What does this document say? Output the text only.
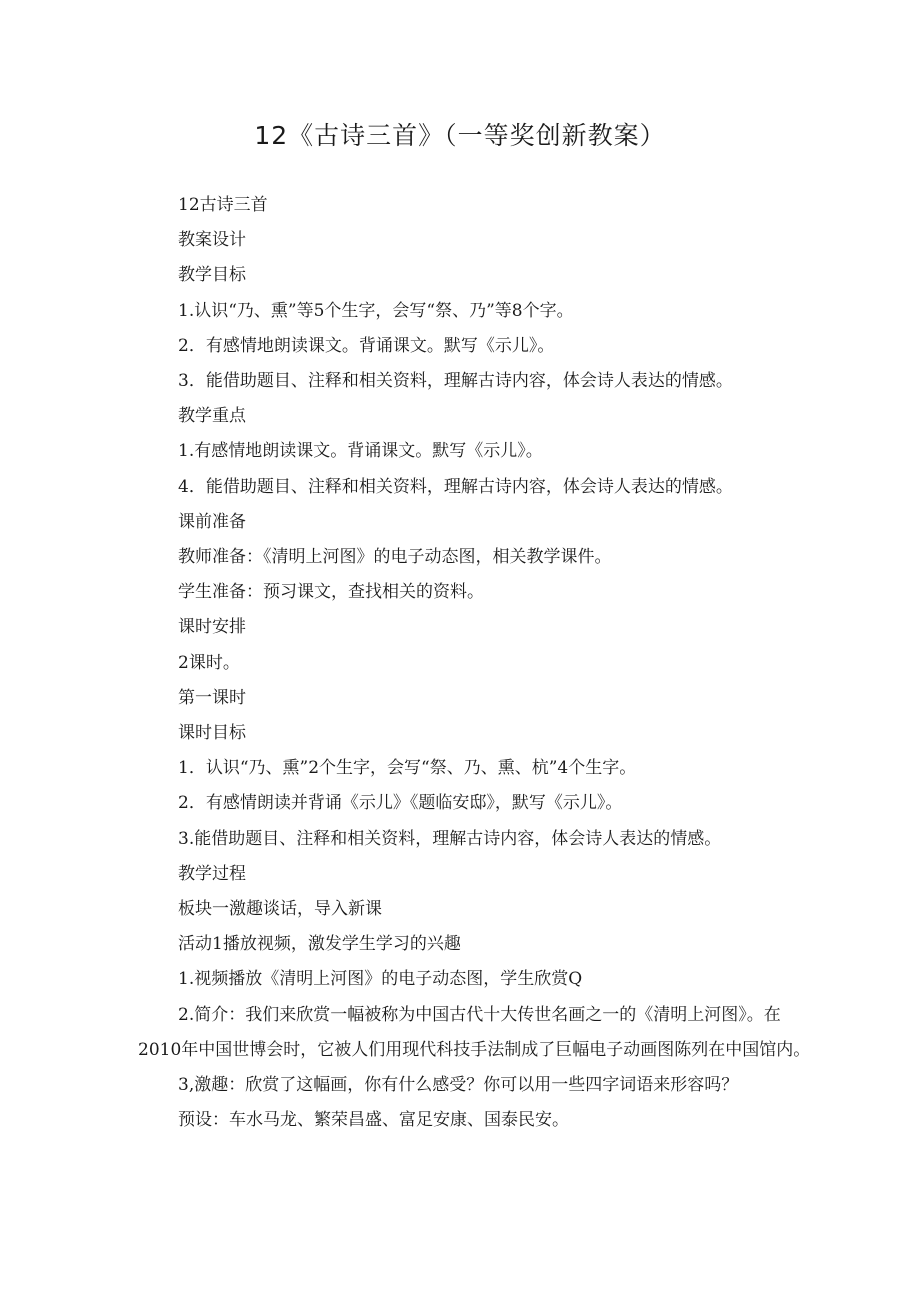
12《古诗三首》（一等奖创新教案）

12古诗三首

教案设计

教学目标

1.认识“乃、熏”等5个生字，会写“祭、乃”等8个字。

2．有感情地朗读课文。背诵课文。默写《示儿》。

3．能借助题目、注释和相关资料，理解古诗内容，体会诗人表达的情感。

教学重点

1.有感情地朗读课文。背诵课文。默写《示儿》。

4．能借助题目、注释和相关资料，理解古诗内容，体会诗人表达的情感。

课前准备

教师准备：《清明上河图》的电子动态图，相关教学课件。

学生准备：预习课文，查找相关的资料。

课时安排

2课时。

第一课时

课时目标

1．认识“乃、熏”2个生字，会写“祭、乃、熏、杭”4个生字。

2．有感情朗读并背诵《示儿》《题临安邸》，默写《示儿》。

3.能借助题目、注释和相关资料，理解古诗内容，体会诗人表达的情感。

教学过程

板块一激趣谈话，导入新课

活动1播放视频，激发学生学习的兴趣

1.视频播放《清明上河图》的电子动态图，学生欣赏Q

2.简介：我们来欣赏一幅被称为中国古代十大传世名画之一的《清明上河图》。在2010年中国世博会时，它被人们用现代科技手法制成了巨幅电子动画图陈列在中国馆内。

3,激趣：欣赏了这幅画，你有什么感受？你可以用一些四字词语来形容吗？

预设：车水马龙、繁荣昌盛、富足安康、国泰民安。
